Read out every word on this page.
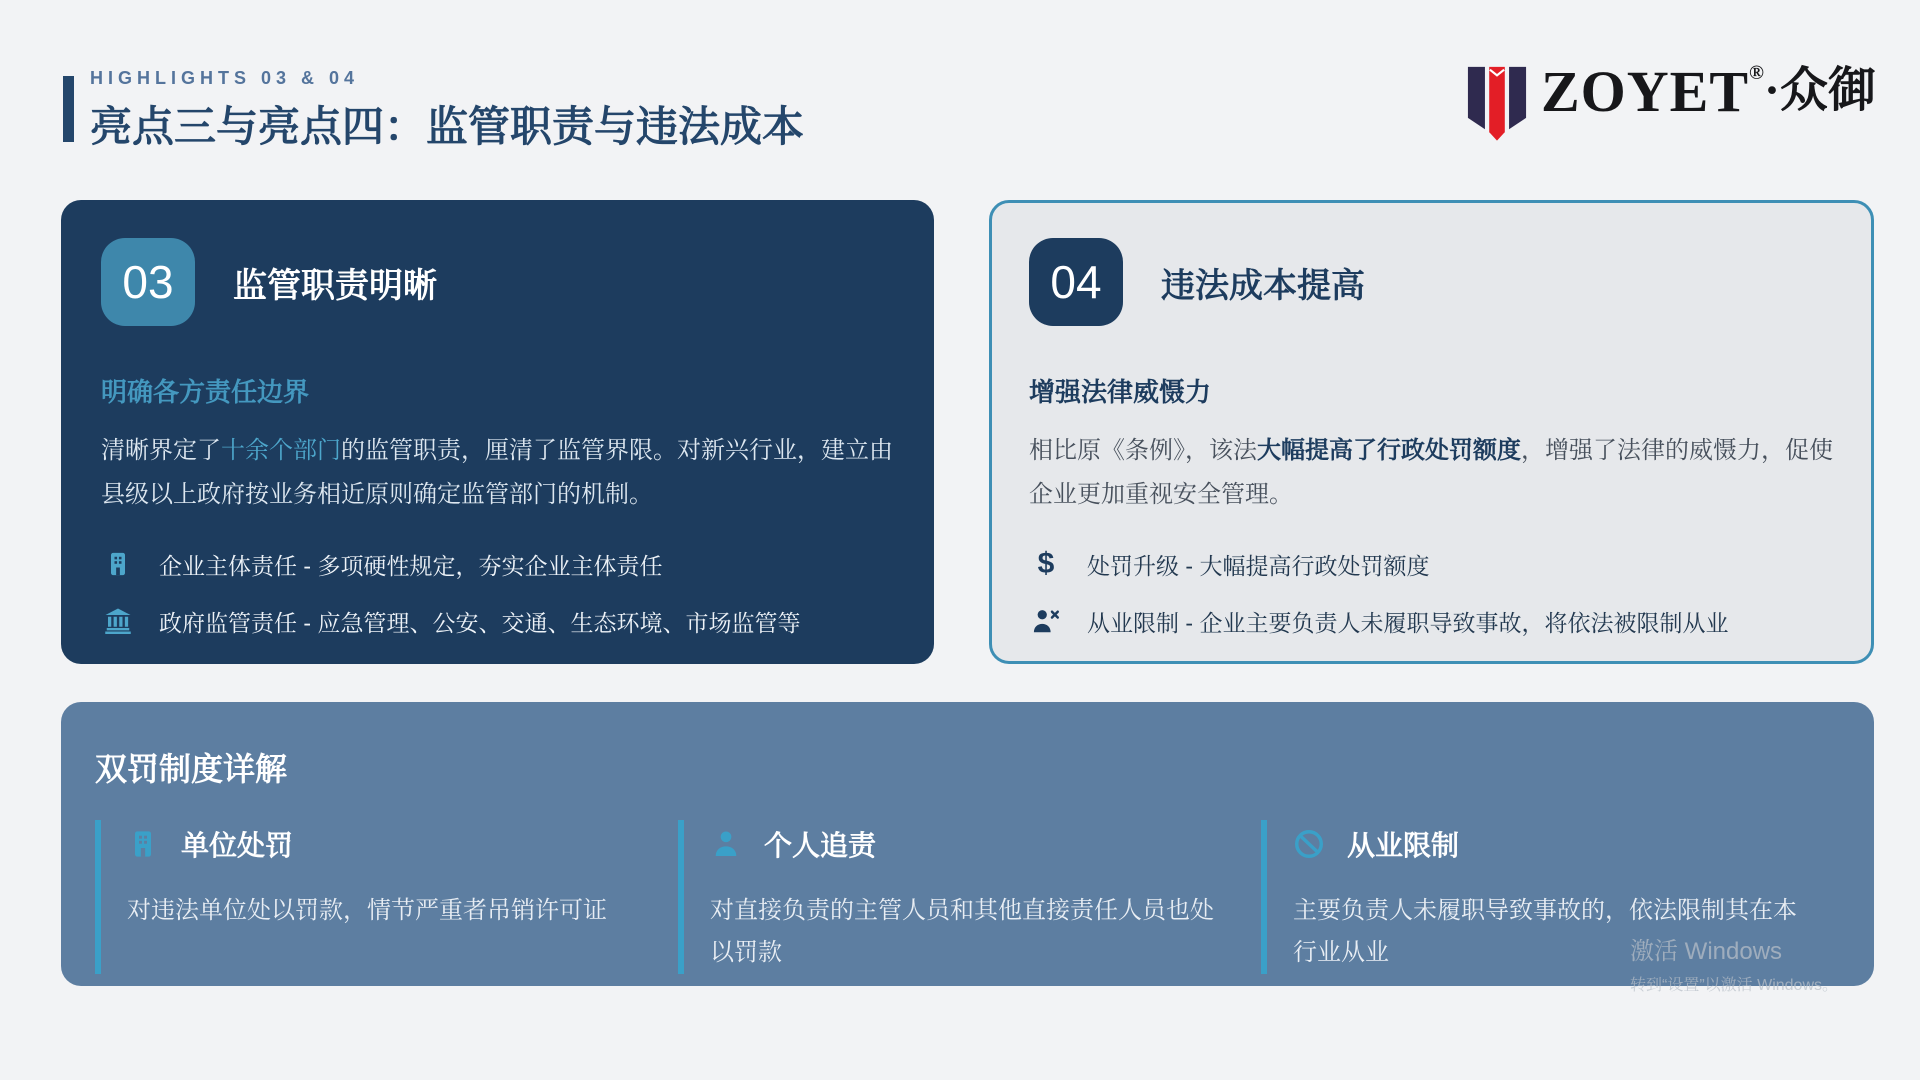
HIGHLIGHTS 03 & 04
亮点三与亮点四：监管职责与违法成本
ZOYET ® ·众御
03	监管职责明晰
明确各方责任边界
清晰界定了十余个部门的监管职责，厘清了监管界限。对新兴行业，建立由县级以上政府按业务相近原则确定监管部门的机制。
企业主体责任 - 多项硬性规定，夯实企业主体责任
政府监管责任 - 应急管理、公安、交通、生态环境、市场监管等
04	违法成本提高
增强法律威慑力
相比原《条例》，该法大幅提高了行政处罚额度，增强了法律的威慑力，促使企业更加重视安全管理。
$	处罚升级 - 大幅提高行政处罚额度
从业限制 - 企业主要负责人未履职导致事故，将依法被限制从业
双罚制度详解
单位处罚
对违法单位处以罚款，情节严重者吊销许可证
个人追责
对直接负责的主管人员和其他直接责任人员也处以罚款
从业限制
主要负责人未履职导致事故的，依法限制其在本行业从业	激活 Windows
转到“设置”以激活 Windows。
